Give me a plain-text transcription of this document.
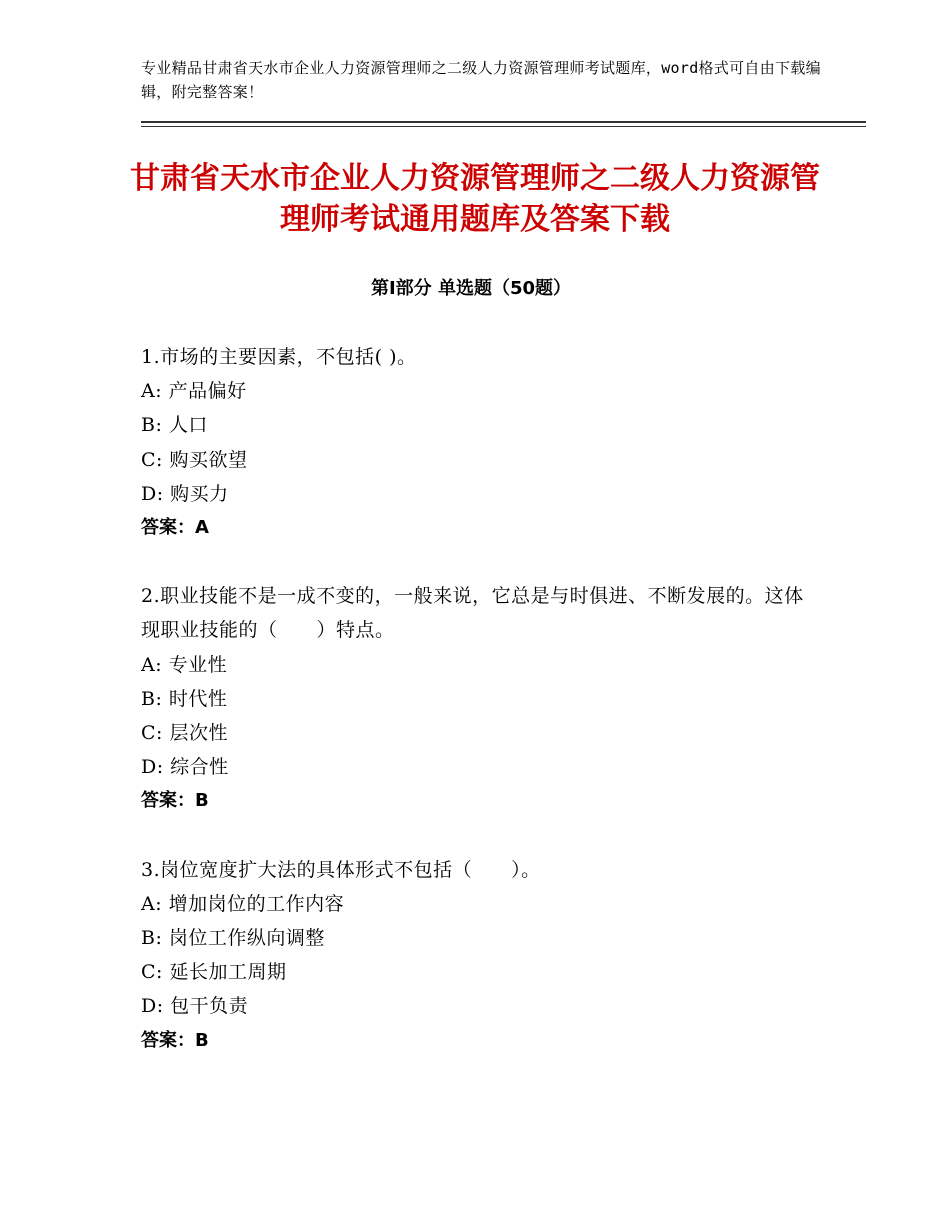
专业精品甘肃省天水市企业人力资源管理师之二级人力资源管理师考试题库，word格式可自由下载编辑，附完整答案！
甘肃省天水市企业人力资源管理师之二级人力资源管理师考试通用题库及答案下载
第Ⅰ部分 单选题（50题）
1.市场的主要因素，不包括( )。
A: 产品偏好
B: 人口
C: 购买欲望
D: 购买力
答案：A
2.职业技能不是一成不变的，一般来说，它总是与时俱进、不断发展的。这体现职业技能的（　　）特点。
A: 专业性
B: 时代性
C: 层次性
D: 综合性
答案：B
3.岗位宽度扩大法的具体形式不包括（　　）。
A: 增加岗位的工作内容
B: 岗位工作纵向调整
C: 延长加工周期
D: 包干负责
答案：B
